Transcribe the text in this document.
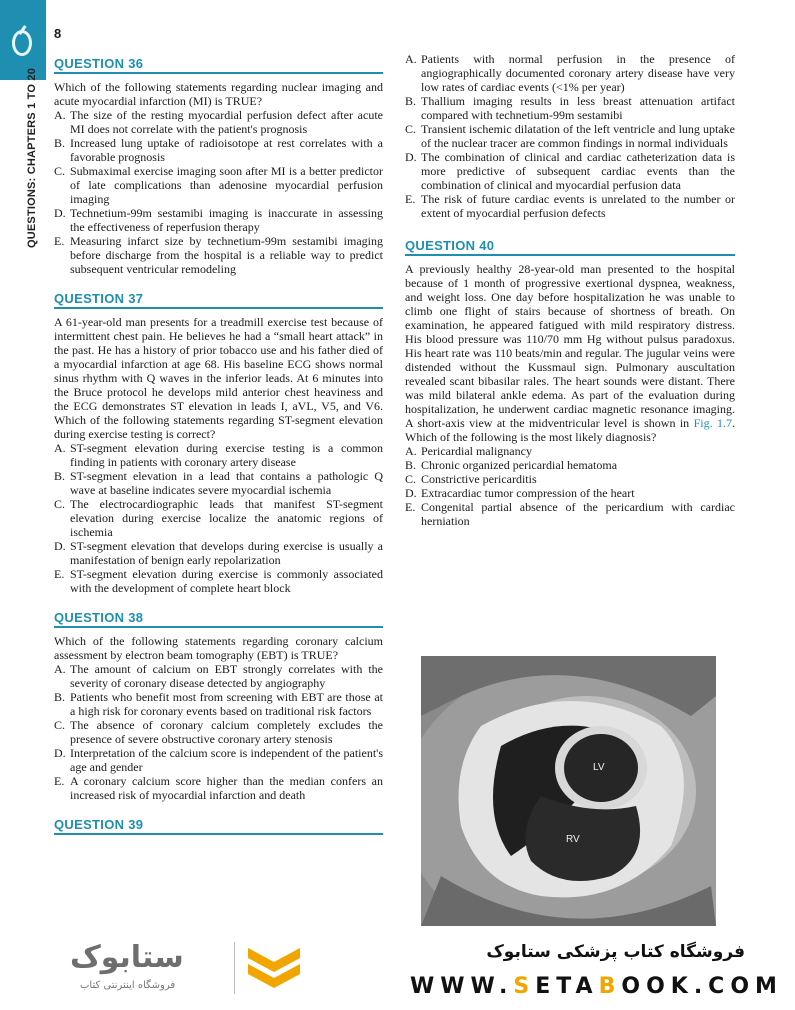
8
QUESTIONS: CHAPTERS 1 TO 20
QUESTION 36

Which of the following statements regarding nuclear imaging and acute myocardial infarction (MI) is TRUE?

A. The size of the resting myocardial perfusion defect after acute MI does not correlate with the patient's prognosis
B. Increased lung uptake of radioisotope at rest correlates with a favorable prognosis
C. Submaximal exercise imaging soon after MI is a better predictor of late complications than adenosine myocardial perfusion imaging
D. Technetium-99m sestamibi imaging is inaccurate in assessing the effectiveness of reperfusion therapy
E. Measuring infarct size by technetium-99m sestamibi imaging before discharge from the hospital is a reliable way to predict subsequent ventricular remodeling
QUESTION 37

A 61-year-old man presents for a treadmill exercise test because of intermittent chest pain. He believes he had a “small heart attack” in the past. He has a history of prior tobacco use and his father died of a myocardial infarction at age 68. His baseline ECG shows normal sinus rhythm with Q waves in the inferior leads. At 6 minutes into the Bruce protocol he develops mild anterior chest heaviness and the ECG demonstrates ST elevation in leads I, aVL, V5, and V6. Which of the following statements regarding ST-segment elevation during exercise testing is correct?

A. ST-segment elevation during exercise testing is a common finding in patients with coronary artery disease
B. ST-segment elevation in a lead that contains a pathologic Q wave at baseline indicates severe myocardial ischemia
C. The electrocardiographic leads that manifest ST-segment elevation during exercise localize the anatomic regions of ischemia
D. ST-segment elevation that develops during exercise is usually a manifestation of benign early repolarization
E. ST-segment elevation during exercise is commonly associated with the development of complete heart block
QUESTION 38

Which of the following statements regarding coronary calcium assessment by electron beam tomography (EBT) is TRUE?

A. The amount of calcium on EBT strongly correlates with the severity of coronary disease detected by angiography
B. Patients who benefit most from screening with EBT are those at a high risk for coronary events based on traditional risk factors
C. The absence of coronary calcium completely excludes the presence of severe obstructive coronary artery stenosis
D. Interpretation of the calcium score is independent of the patient's age and gender
E. A coronary calcium score higher than the median confers an increased risk of myocardial infarction and death
QUESTION 39
A. Patients with normal perfusion in the presence of angiographically documented coronary artery disease have very low rates of cardiac events (<1% per year)
B. Thallium imaging results in less breast attenuation artifact compared with technetium-99m sestamibi
C. Transient ischemic dilatation of the left ventricle and lung uptake of the nuclear tracer are common findings in normal individuals
D. The combination of clinical and cardiac catheterization data is more predictive of subsequent cardiac events than the combination of clinical and myocardial perfusion data
E. The risk of future cardiac events is unrelated to the number or extent of myocardial perfusion defects
QUESTION 40

A previously healthy 28-year-old man presented to the hospital because of 1 month of progressive exertional dyspnea, weakness, and weight loss. One day before hospitalization he was unable to climb one flight of stairs because of shortness of breath. On examination, he appeared fatigued with mild respiratory distress. His blood pressure was 110/70 mm Hg without pulsus paradoxus. His heart rate was 110 beats/min and regular. The jugular veins were distended without the Kussmaul sign. Pulmonary auscultation revealed scant bibasilar rales. The heart sounds were distant. There was mild bilateral ankle edema. As part of the evaluation during hospitalization, he underwent cardiac magnetic resonance imaging. A short-axis view at the midventricular level is shown in Fig. 1.7. Which of the following is the most likely diagnosis?

A. Pericardial malignancy
B. Chronic organized pericardial hematoma
C. Constrictive pericarditis
D. Extracardiac tumor compression of the heart
E. Congenital partial absence of the pericardium with cardiac herniation
LV
RV
ستابوک
فروشگاه اینترنتی کتاب
فروشگاه کتاب پزشکی ستابوک
WWW.SETABOOK.COM
